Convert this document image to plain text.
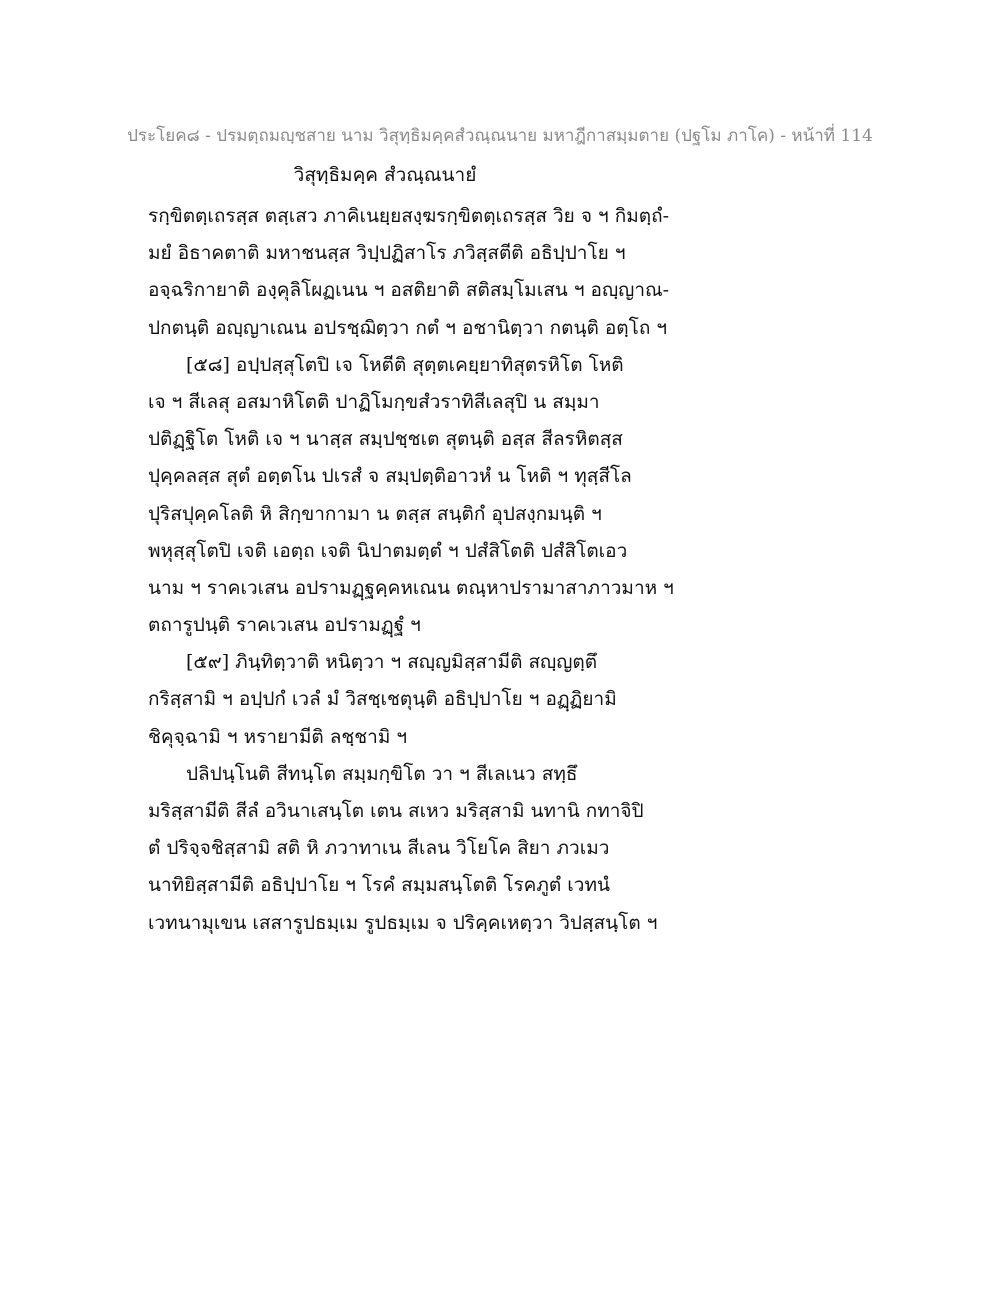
ประโยค๘ - ปรมตฺถมญฺชสาย นาม วิสุทฺธิมคฺคสํวณฺณนาย มหาฎีกาสมฺมตาย (ปฐโม ภาโค) - หน้าที่ 114
วิสุทฺธิมคฺค สํวณฺณนายํ
รกฺขิตตฺเถรสฺส ตสฺเสว ภาคิเนยฺยสงฺฆรกฺขิตตฺเถรสฺส วิย จ ฯ กิมตฺถํ-
มยํ อิธาคตาติ มหาชนสฺส วิปฺปฏิสาโร ภวิสฺสตีติ อธิปฺปาโย ฯ
อจฺฉริกายาติ องฺคุลิโผฏเนน ฯ อสติยาติ สติสมฺโมเสน ฯ อญฺญาณ-
ปกตนฺติ อญฺญาเณน อปรชฺฌิตฺวา กตํ ฯ อชานิตฺวา กตนฺติ อตฺโถ ฯ
[๕๘] อปฺปสฺสุโตปิ เจ โหตีติ สุตฺตเคยฺยาทิสุตรหิโต โหติ
เจ ฯ สีเลสุ อสมาหิโตติ ปาฏิโมกฺขสํวราทิสีเลสุปิ น สมฺมา
ปติฏฺฐิโต โหติ เจ ฯ นาสฺส สมฺปชฺชเต สุตนฺติ อสฺส สีลรหิตสฺส
ปุคฺคลสฺส สุตํ อตฺตโน ปเรสํ จ สมฺปตฺติอาวหํ น โหติ ฯ ทุสฺสีโล
ปุริสปุคฺคโลติ หิ สิกฺขากามา น ตสฺส สนฺติกํ อุปสงฺกมนฺติ ฯ
พหุสฺสุโตปิ เจติ เอตฺถ เจติ นิปาตมตฺตํ ฯ ปสํสิโตติ ปสํสิโตเอว
นาม ฯ ราคเวเสน อปรามฏฺฐคฺคหเณน ตณฺหาปรามาสาภาวมาห ฯ
ตถารูปนฺติ ราคเวเสน อปรามฏฺฐํ ฯ
[๕๙] ภินฺทิตฺวาติ หนิตฺวา ฯ สญฺญมิสฺสามีติ สญฺญตฺตึ
กริสฺสามิ ฯ อปฺปกํ เวลํ มํ วิสชฺเชตุนฺติ อธิปฺปาโย ฯ อฏฺฏิยามิ
ชิคุจฺฉามิ ฯ หรายามีติ ลชฺชามิ ฯ
ปลิปนฺโนติ สีทนฺโต สมฺมกฺขิโต วา ฯ สีเลเนว สทฺธึ
มริสฺสามีติ สีลํ อวินาเสนฺโต เตน สเหว มริสฺสามิ นทานิ กทาจิปิ
ตํ ปริจฺจชิสฺสามิ สติ หิ ภวาทาเน สีเลน วิโยโค สิยา ภวเมว
นาทิยิสฺสามีติ อธิปฺปาโย ฯ โรคํ สมฺมสนฺโตติ โรคภูตํ เวทนํ
เวทนามุเขน เสสารูปธมฺเม รูปธมฺเม จ ปริคฺคเหตฺวา วิปสฺสนฺโต ฯ
